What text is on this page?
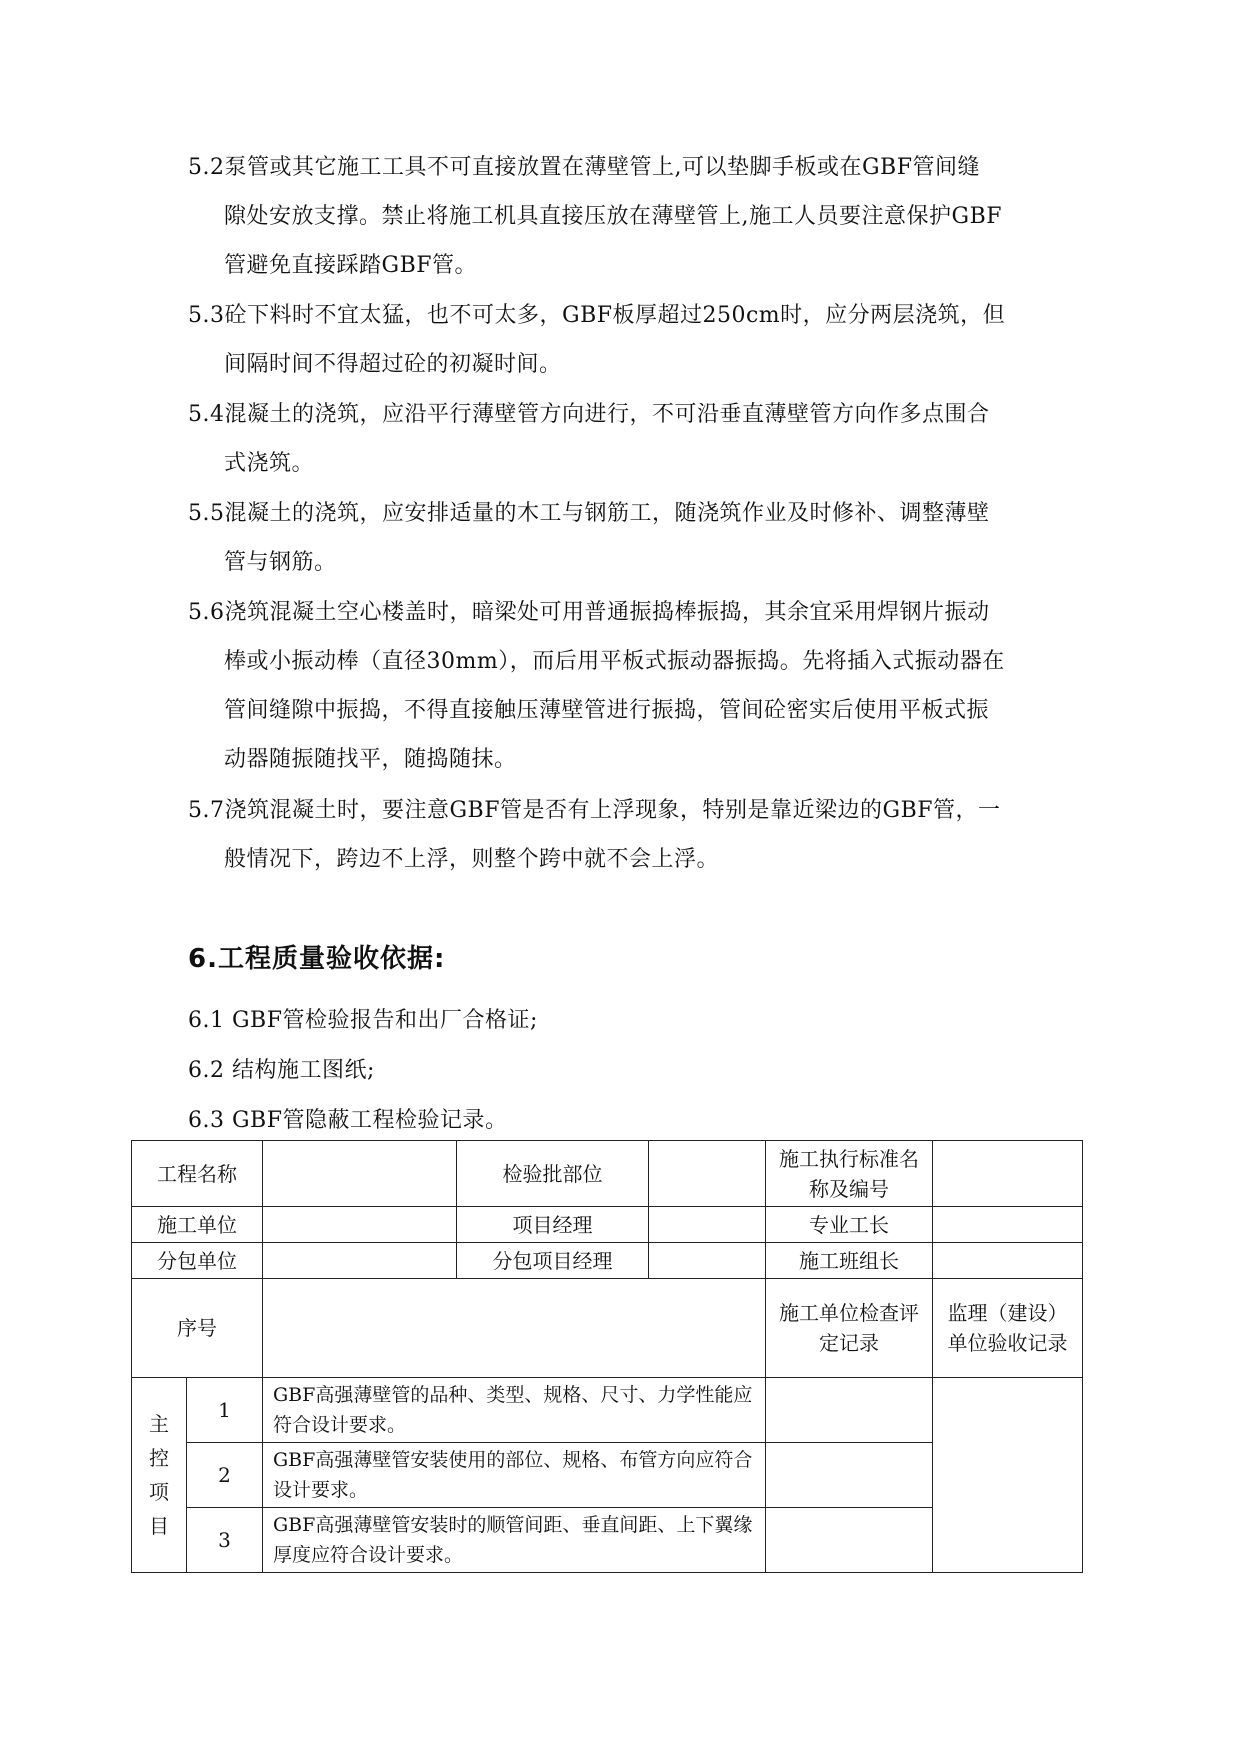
5.2泵管或其它施工工具不可直接放置在薄壁管上,可以垫脚手板或在GBF管间缝
隙处安放支撑。禁止将施工机具直接压放在薄壁管上,施工人员要注意保护GBF
管避免直接踩踏GBF管。
5.3砼下料时不宜太猛，也不可太多，GBF板厚超过250cm时，应分两层浇筑，但
间隔时间不得超过砼的初凝时间。
5.4混凝土的浇筑，应沿平行薄壁管方向进行，不可沿垂直薄壁管方向作多点围合
式浇筑。
5.5混凝土的浇筑，应安排适量的木工与钢筋工，随浇筑作业及时修补、调整薄壁
管与钢筋。
5.6浇筑混凝土空心楼盖时，暗梁处可用普通振捣棒振捣，其余宜采用焊钢片振动
棒或小振动棒（直径30mm），而后用平板式振动器振捣。先将插入式振动器在
管间缝隙中振捣，不得直接触压薄壁管进行振捣，管间砼密实后使用平板式振
动器随振随找平，随捣随抹。
5.7浇筑混凝土时，要注意GBF管是否有上浮现象，特别是靠近梁边的GBF管，一
般情况下，跨边不上浮，则整个跨中就不会上浮。
6.工程质量验收依据:
6.1 GBF管检验报告和出厂合格证;
6.2 结构施工图纸;
6.3 GBF管隐蔽工程检验记录。
工程名称			检验批部位		施工执行标准名称及编号	
施工单位			项目经理		专业工长	
分包单位			分包项目经理		施工班组长	
序号					施工单位检查评定记录	监理（建设）单位验收记录
主控项目	1	GBF高强薄壁管的品种、类型、规格、尺寸、力学性能应符合设计要求。				
	2	GBF高强薄壁管安装使用的部位、规格、布管方向应符合设计要求。				
	3	GBF高强薄壁管安装时的顺管间距、垂直间距、上下翼缘厚度应符合设计要求。				
